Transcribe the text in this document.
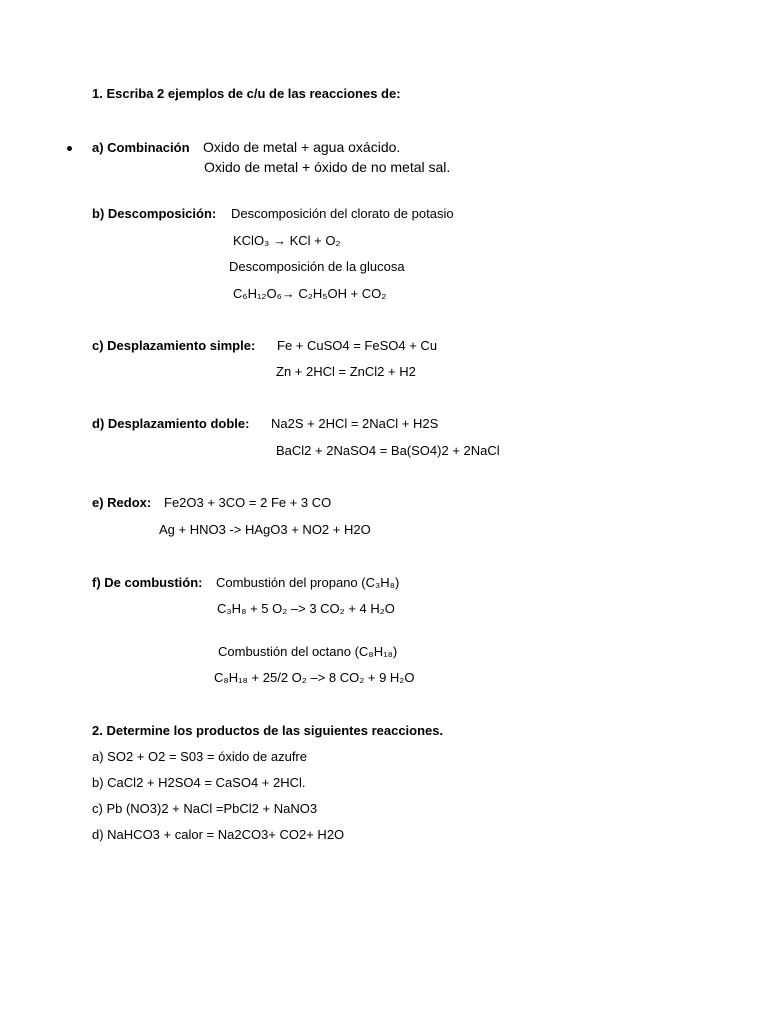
1. Escriba 2 ejemplos de c/u de las reacciones de:
a) Combinación Oxido de metal + agua oxácido.
Oxido de metal + óxido de no metal sal.
b) Descomposición: Descomposición del clorato de potasio
KClO₃ → KCl + O₂
Descomposición de la glucosa
C₆H₁₂O₆→ C₂H₅OH + CO₂
c) Desplazamiento simple: Fe + CuSO4 = FeSO4 + Cu
Zn + 2HCl = ZnCl2 + H2
d) Desplazamiento doble: Na2S + 2HCl = 2NaCl + H2S
BaCl2 + 2NaSO4 = Ba(SO4)2 + 2NaCl
e) Redox: Fe2O3 + 3CO = 2 Fe + 3 CO
Ag + HNO3 -> HAgO3 + NO2 + H2O
f) De combustión: Combustión del propano (C₃H₈)
C₃H₈ + 5 O₂ –> 3 CO₂ + 4 H₂O
Combustión del octano (C₈H₁₈)
C₈H₁₈ + 25/2 O₂ –> 8 CO₂ + 9 H₂O
2. Determine los productos de las siguientes reacciones.
a) SO2 + O2 = S03 = óxido de azufre
b) CaCl2 + H2SO4 = CaSO4 + 2HCl.
c) Pb (NO3)2 + NaCl =PbCl2 + NaNO3
d) NaHCO3 + calor = Na2CO3+ CO2+ H2O
